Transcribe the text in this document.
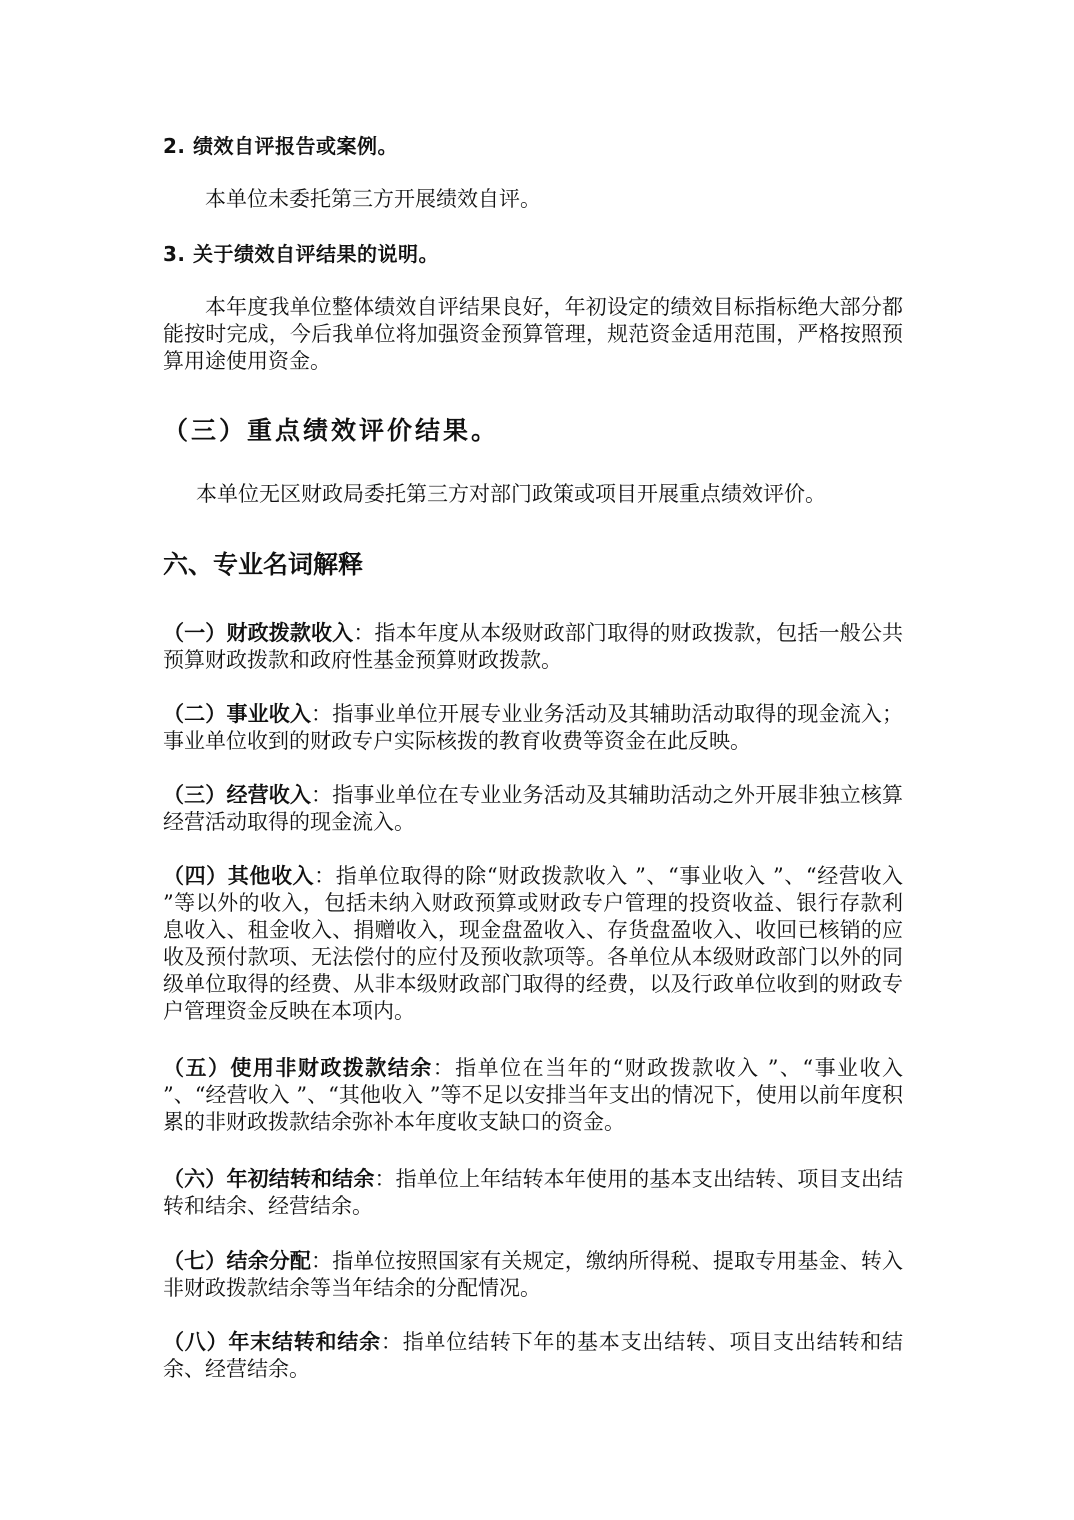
2. 绩效自评报告或案例。

本单位未委托第三方开展绩效自评。

3. 关于绩效自评结果的说明。

本年度我单位整体绩效自评结果良好，年初设定的绩效目标指标绝大部分都能按时完成，今后我单位将加强资金预算管理，规范资金适用范围，严格按照预算用途使用资金。

（三）重点绩效评价结果。

本单位无区财政局委托第三方对部门政策或项目开展重点绩效评价。

六、专业名词解释

（一）财政拨款收入：指本年度从本级财政部门取得的财政拨款，包括一般公共预算财政拨款和政府性基金预算财政拨款。

（二）事业收入：指事业单位开展专业业务活动及其辅助活动取得的现金流入；事业单位收到的财政专户实际核拨的教育收费等资金在此反映。

（三）经营收入：指事业单位在专业业务活动及其辅助活动之外开展非独立核算经营活动取得的现金流入。

（四）其他收入：指单位取得的除“财政拨款收入 ”、“事业收入 ”、“经营收入 ”等以外的收入，包括未纳入财政预算或财政专户管理的投资收益、银行存款利息收入、租金收入、捐赠收入，现金盘盈收入、存货盘盈收入、收回已核销的应收及预付款项、无法偿付的应付及预收款项等。各单位从本级财政部门以外的同级单位取得的经费、从非本级财政部门取得的经费，以及行政单位收到的财政专户管理资金反映在本项内。

（五）使用非财政拨款结余：指单位在当年的“财政拨款收入 ”、“事业收入 ”、“经营收入 ”、“其他收入 ”等不足以安排当年支出的情况下，使用以前年度积累的非财政拨款结余弥补本年度收支缺口的资金。

（六）年初结转和结余：指单位上年结转本年使用的基本支出结转、项目支出结转和结余、经营结余。

（七）结余分配：指单位按照国家有关规定，缴纳所得税、提取专用基金、转入非财政拨款结余等当年结余的分配情况。

（八）年末结转和结余：指单位结转下年的基本支出结转、项目支出结转和结余、经营结余。
